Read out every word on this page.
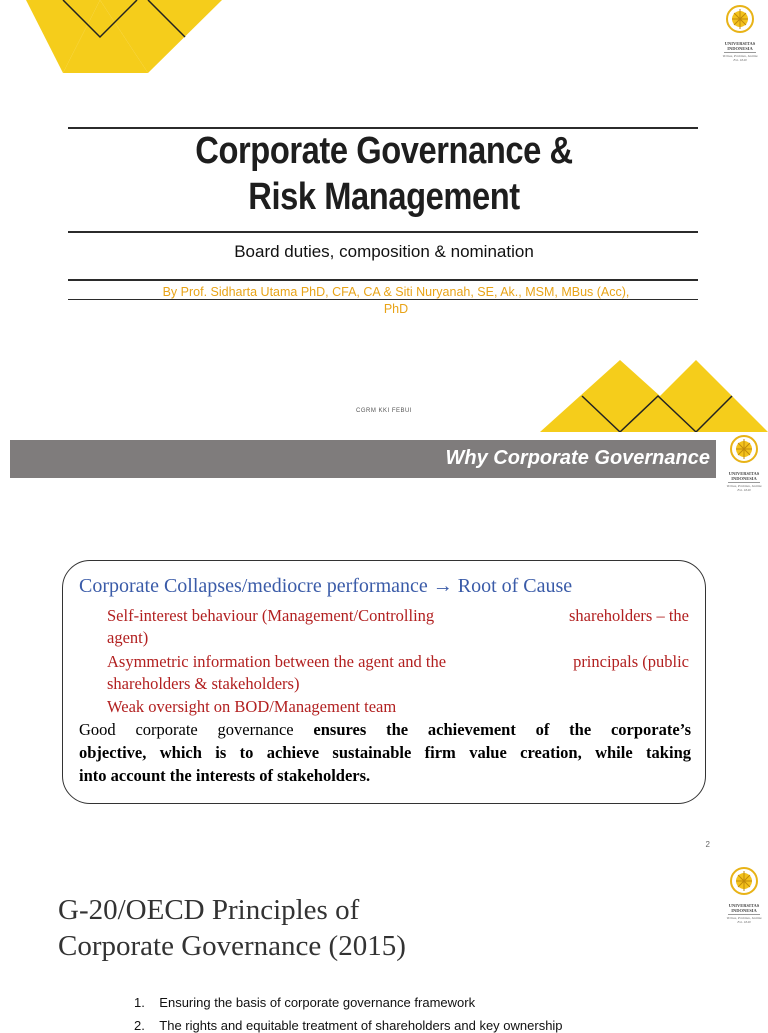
UNIVERSITAS
INDONESIA
Veritas, Probitas, Iustitia
Est. 1849
Corporate Governance &
Risk Management
Board duties, composition & nomination
By Prof. Sidharta Utama PhD, CFA, CA & Siti Nuryanah, SE, Ak., MSM, MBus (Acc),
PhD
CGRM KKI FEBUI
Why Corporate Governance
UNIVERSITAS
INDONESIA
Veritas, Probitas, Iustitia
Est. 1849
Corporate Collapses/mediocre performance → Root of Cause
Self-interest behaviour (Management/Controlling	shareholders – the
agent)
Asymmetric information between the agent and the	principals (public
shareholders & stakeholders)
Weak oversight on BOD/Management team
Good corporate governance ensures the achievement of the corporate’s
objective, which is to achieve sustainable firm value creation, while taking
into account the interests of stakeholders.
2
UNIVERSITAS
INDONESIA
Veritas, Probitas, Iustitia
Est. 1849
G-20/OECD Principles of
Corporate Governance (2015)
1. Ensuring the basis of corporate governance framework
2. The rights and equitable treatment of shareholders and key ownership
